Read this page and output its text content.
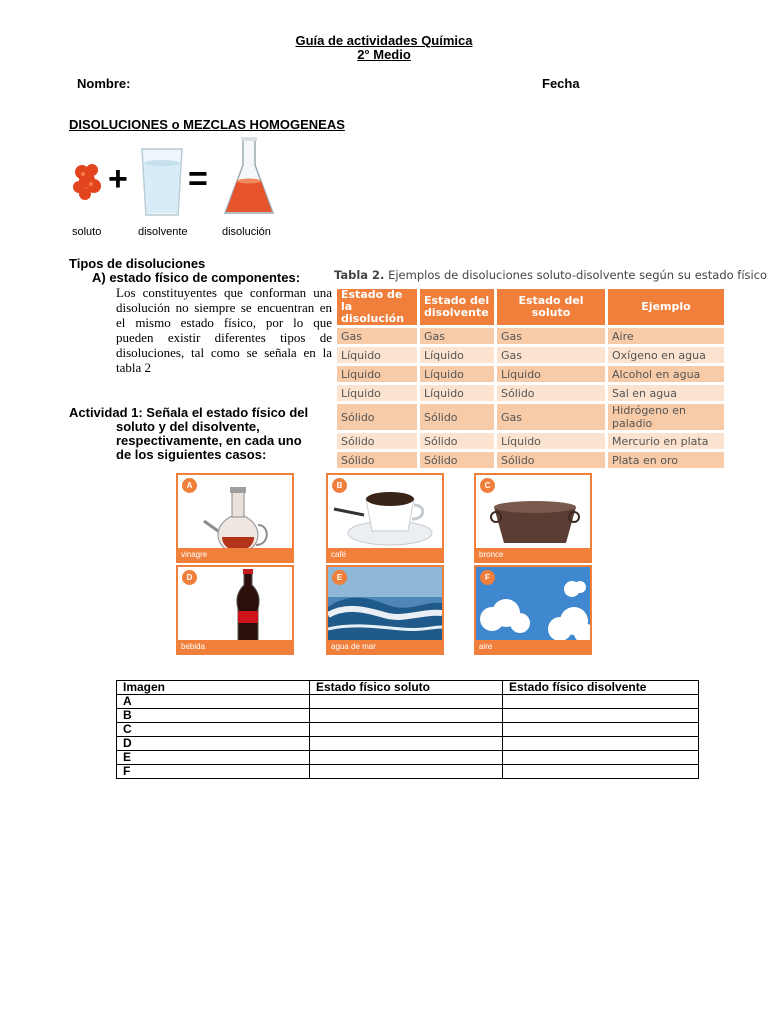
Guía de actividades Química
2° Medio
Nombre:	Fecha
DISOLUCIONES o MEZCLAS HOMOGENEAS
+ =
soluto	disolvente	disolución
Tipos de disoluciones
A) estado físico de componentes:
Los constituyentes que conforman una disolución no siempre se encuentran en el mismo estado físico, por lo que pueden existir diferentes tipos de disoluciones, tal como se señala en la tabla 2
Tabla 2. Ejemplos de disoluciones soluto-disolvente según su estado físico
Estado de la disolución	Estado del disolvente	Estado del soluto	Ejemplo
Gas	Gas	Gas	Aire
Líquido	Líquido	Gas	Oxígeno en agua
Líquido	Líquido	Líquido	Alcohol en agua
Líquido	Líquido	Sólido	Sal en agua
Sólido	Sólido	Gas	Hidrógeno en paladio
Sólido	Sólido	Líquido	Mercurio en plata
Sólido	Sólido	Sólido	Plata en oro
Actividad 1: Señala el estado físico del
soluto y del disolvente,
respectivamente, en cada uno
de los siguientes casos:
A
vinagre
B
café
C
bronce
D
bebida
E
agua de mar
F
aire
Imagen	Estado físico soluto	Estado físico disolvente
A		
B		
C		
D		
E		
F		
